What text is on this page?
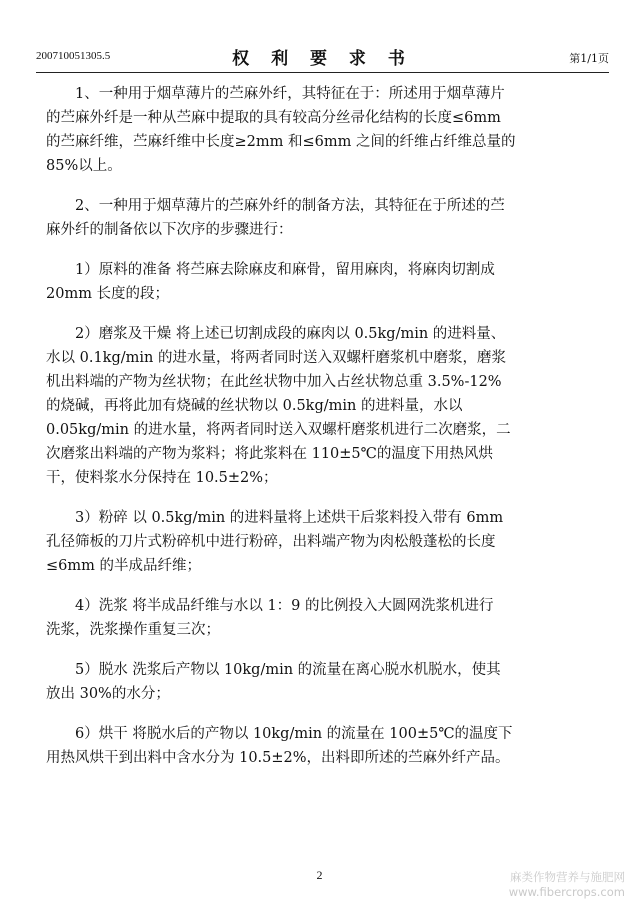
200710051305.5	权 利 要 求 书	第1/1页

1、一种用于烟草薄片的苎麻外纤，其特征在于：所述用于烟草薄片

的苎麻外纤是一种从苎麻中提取的具有较高分丝帚化结构的长度≤6mm

的苎麻纤维，苎麻纤维中长度≥2mm 和≤6mm 之间的纤维占纤维总量的

85%以上。

2、一种用于烟草薄片的苎麻外纤的制备方法，其特征在于所述的苎

麻外纤的制备依以下次序的步骤进行：

1）原料的准备 将苎麻去除麻皮和麻骨，留用麻肉，将麻肉切割成

20mm 长度的段；

2）磨浆及干燥 将上述已切割成段的麻肉以 0.5kg/min 的进料量、

水以 0.1kg/min 的进水量，将两者同时送入双螺杆磨浆机中磨浆，磨浆

机出料端的产物为丝状物；在此丝状物中加入占丝状物总重 3.5%-12%

的烧碱，再将此加有烧碱的丝状物以 0.5kg/min 的进料量，水以

0.05kg/min 的进水量，将两者同时送入双螺杆磨浆机进行二次磨浆，二

次磨浆出料端的产物为浆料；将此浆料在 110±5℃的温度下用热风烘

干，使料浆水分保持在 10.5±2%；

3）粉碎 以 0.5kg/min 的进料量将上述烘干后浆料投入带有 6mm

孔径筛板的刀片式粉碎机中进行粉碎，出料端产物为肉松般蓬松的长度

≤6mm 的半成品纤维；

4）洗浆 将半成品纤维与水以 1：9 的比例投入大圆网洗浆机进行

洗浆，洗浆操作重复三次；

5）脱水 洗浆后产物以 10kg/min 的流量在离心脱水机脱水，使其

放出 30%的水分；

6）烘干 将脱水后的产物以 10kg/min 的流量在 100±5℃的温度下

用热风烘干到出料中含水分为 10.5±2%，出料即所述的苎麻外纤产品。

2	麻类作物营养与施肥网
www.fibercrops.com
